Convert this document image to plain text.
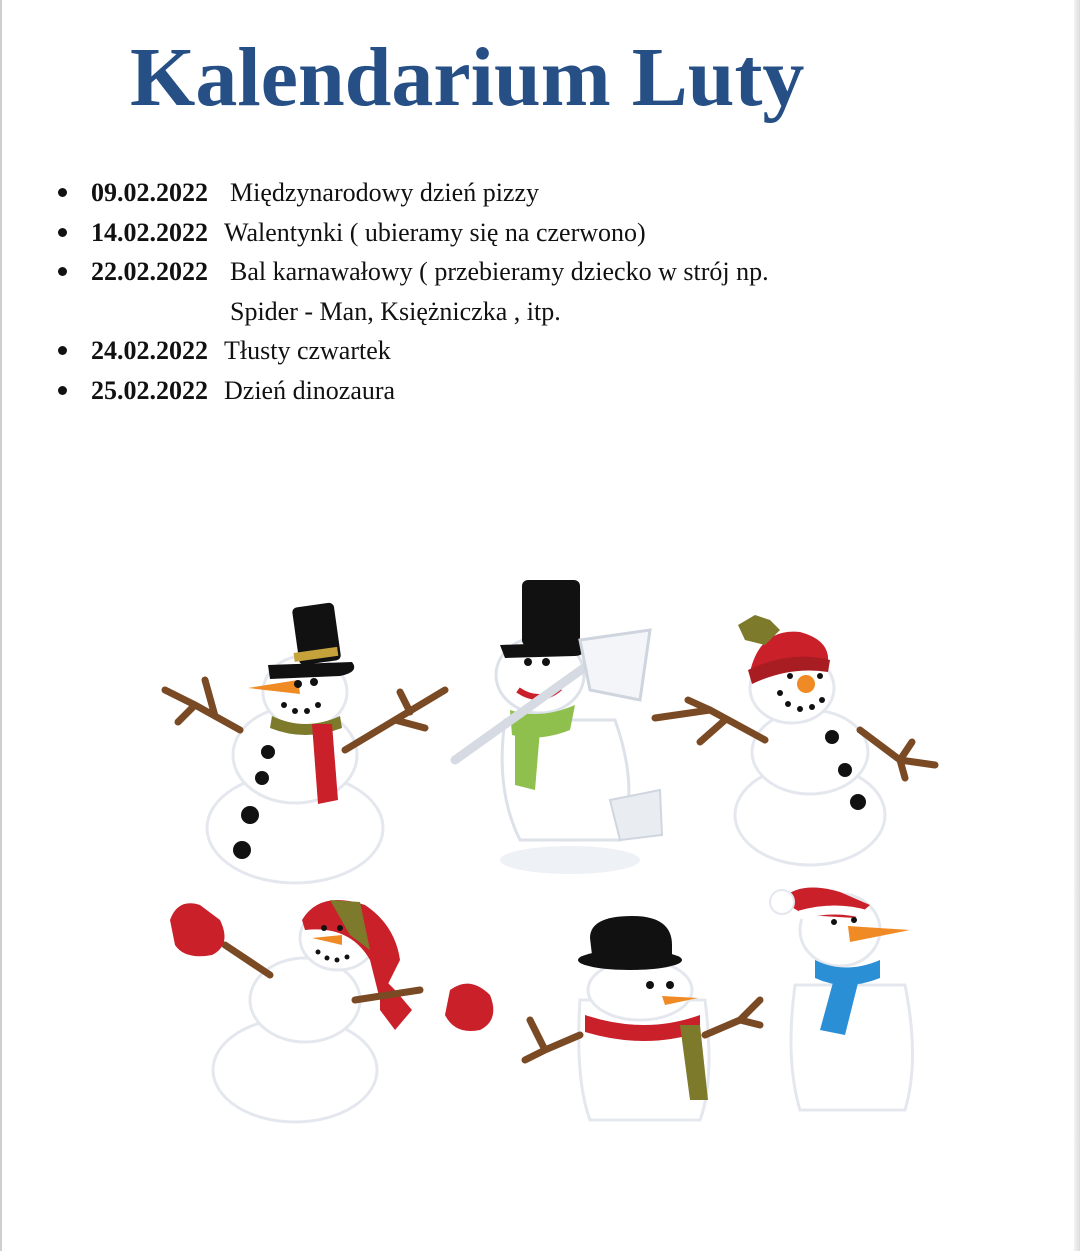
Kalendarium Luty
09.02.2022 Międzynarodowy dzień pizzy
14.02.2022 Walentynki ( ubieramy się na czerwono)
22.02.2022 Bal karnawałowy ( przebieramy dziecko w strój np.
Spider - Man, Księżniczka , itp.
24.02.2022 Tłusty czwartek
25.02.2022 Dzień dinozaura
